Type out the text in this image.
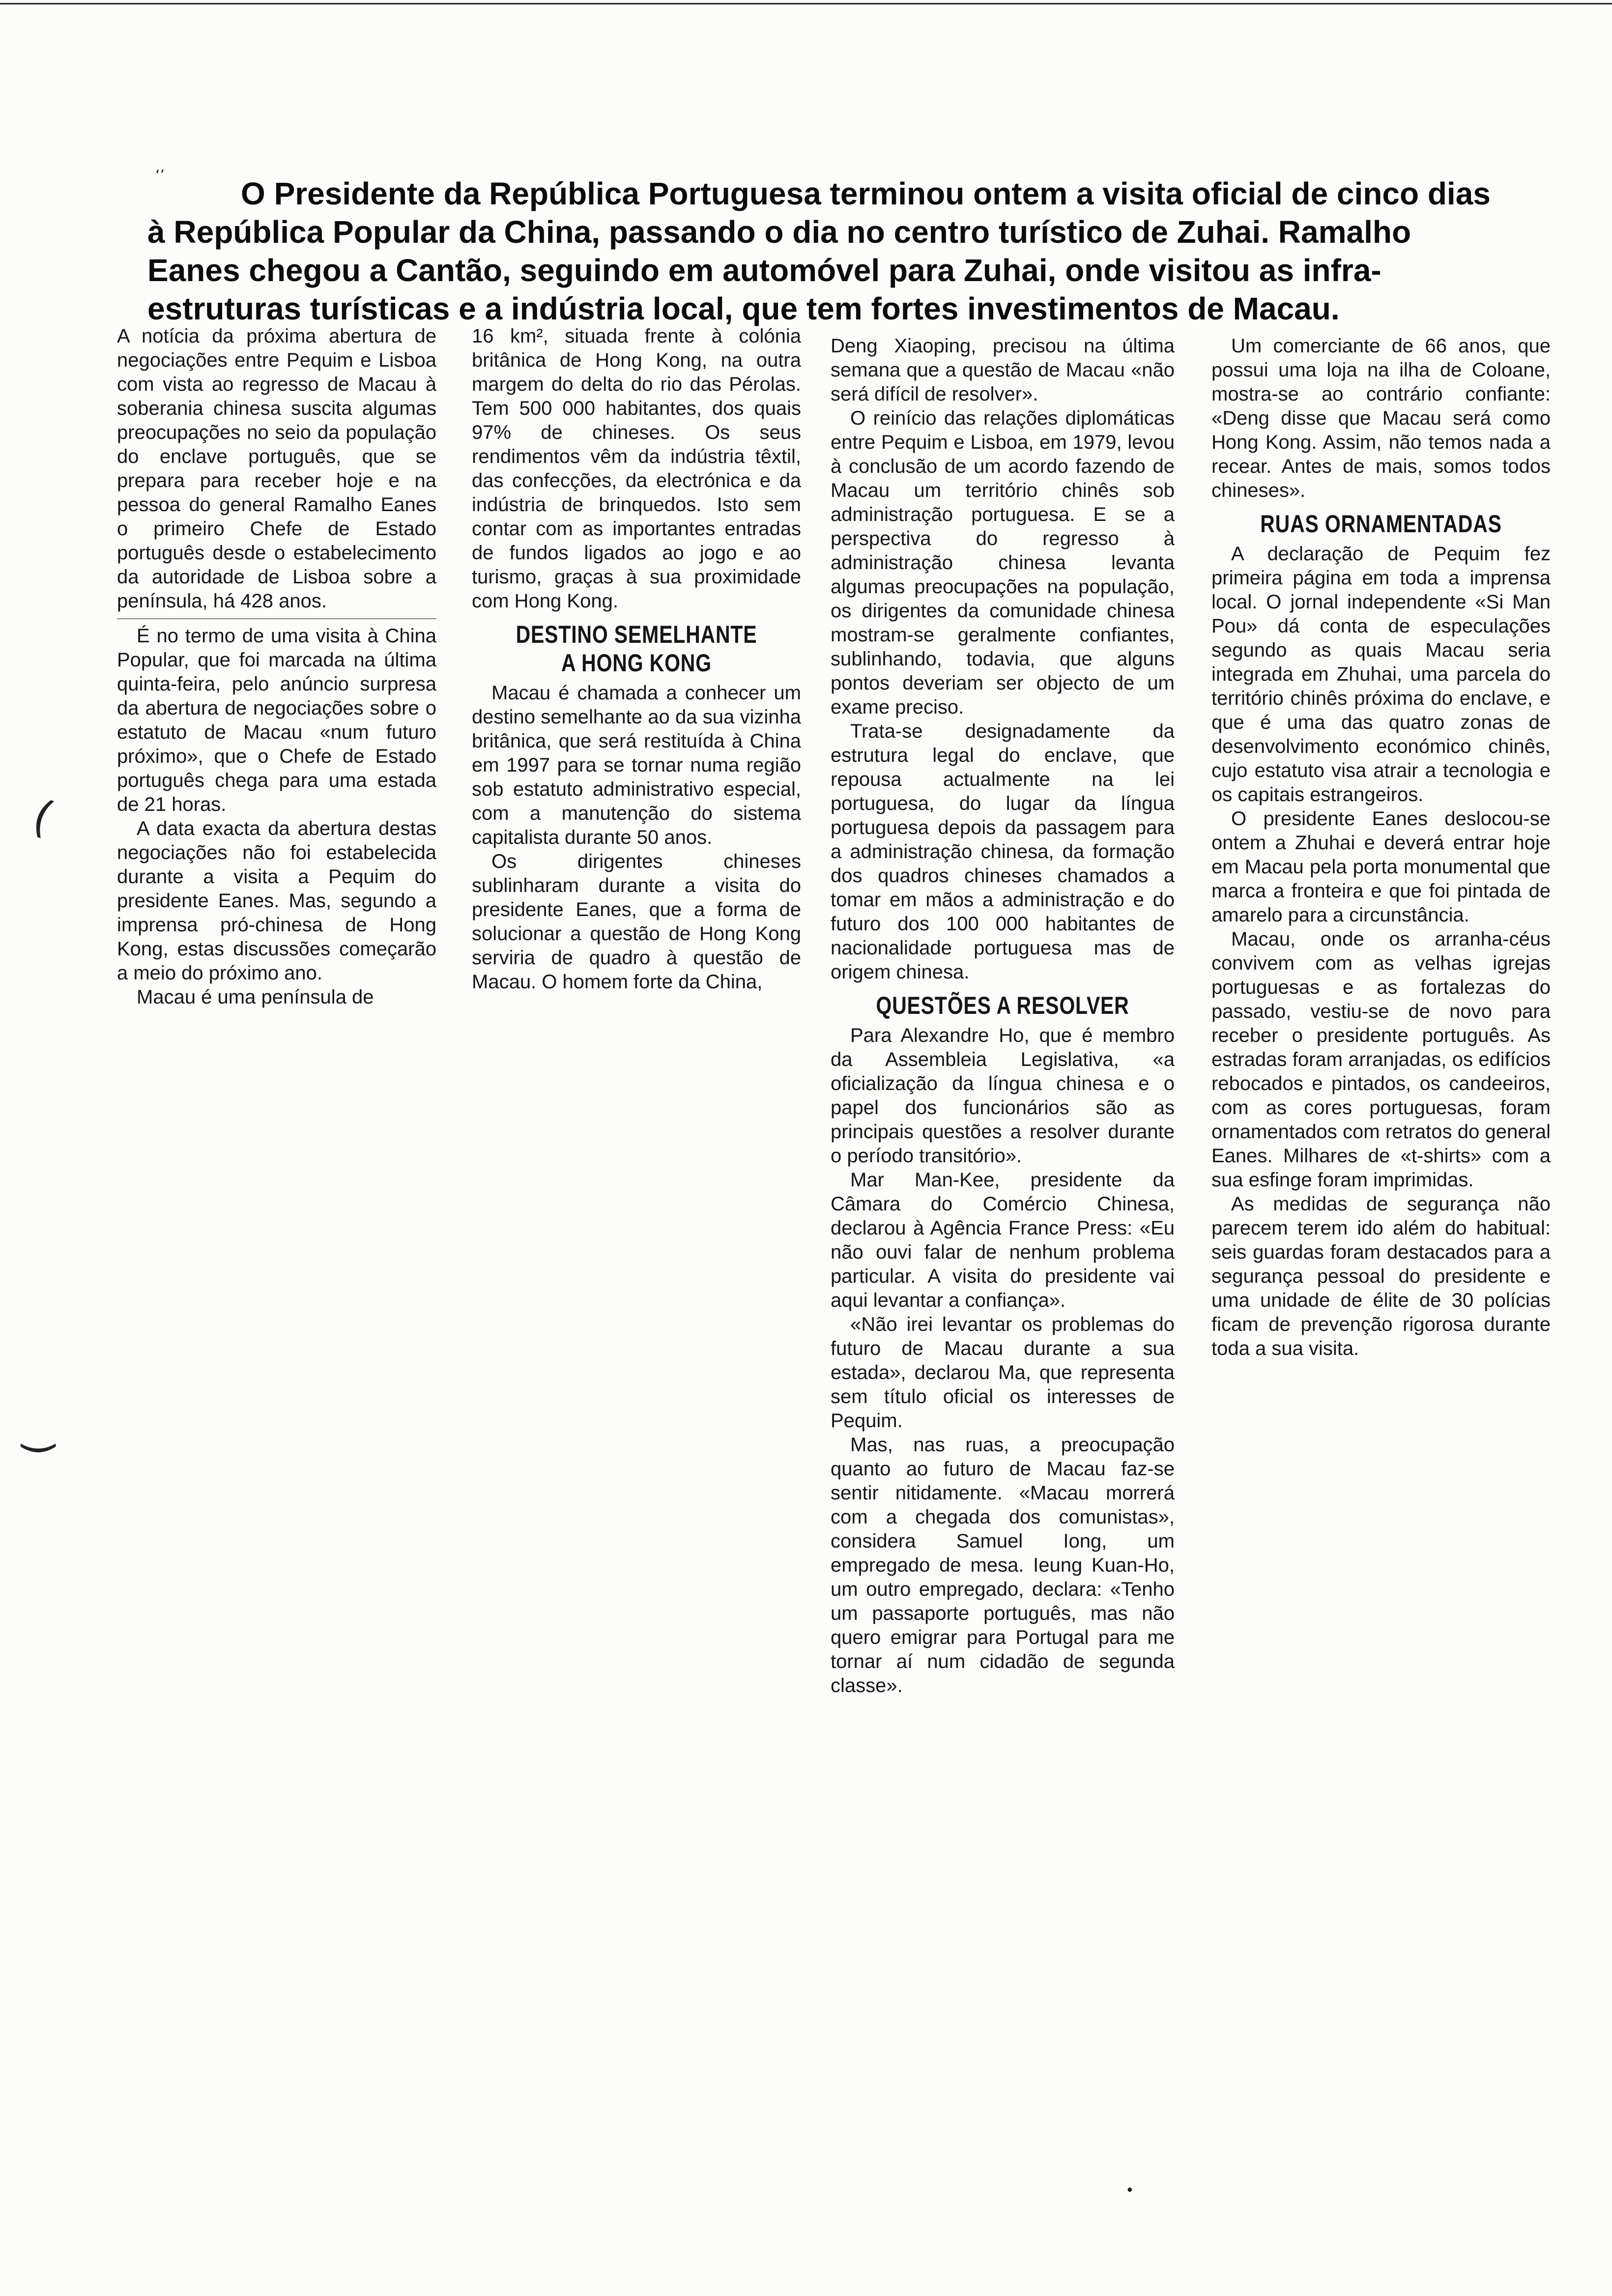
‘’
(
(
•
O Presidente da República Portuguesa terminou ontem a visita oficial de cinco dias à República Popular da China, passando o dia no centro turístico de Zuhai. Ramalho Eanes chegou a Cantão, seguindo em automóvel para Zuhai, onde visitou as infra-estruturas turísticas e a indústria local, que tem fortes investimentos de Macau.

A notícia da próxima abertura de negociações entre Pequim e Lisboa com vista ao regresso de Macau à soberania chinesa suscita algumas preocupações no seio da população do enclave português, que se prepara para receber hoje e na pessoa do general Ramalho Eanes o primeiro Chefe de Estado português desde o estabelecimento da autoridade de Lisboa sobre a península, há 428 anos.

É no termo de uma visita à China Popular, que foi marcada na última quinta-feira, pelo anúncio surpresa da abertura de negociações sobre o estatuto de Macau «num futuro próximo», que o Chefe de Estado português chega para uma estada de 21 horas.

A data exacta da abertura destas negociações não foi estabelecida durante a visita a Pequim do presidente Eanes. Mas, segundo a imprensa pró-chinesa de Hong Kong, estas discussões começarão a meio do próximo ano.

Macau é uma península de

16 km², situada frente à colónia britânica de Hong Kong, na outra margem do delta do rio das Pérolas. Tem 500 000 habitantes, dos quais 97% de chineses. Os seus rendimentos vêm da indústria têxtil, das confecções, da electrónica e da indústria de brinquedos. Isto sem contar com as importantes entradas de fundos ligados ao jogo e ao turismo, graças à sua proximidade com Hong Kong.

DESTINO SEMELHANTE
A HONG KONG

Macau é chamada a conhecer um destino semelhante ao da sua vizinha britânica, que será restituída à China em 1997 para se tornar numa região sob estatuto administrativo especial, com a manutenção do sistema capitalista durante 50 anos.

Os dirigentes chineses sublinharam durante a visita do presidente Eanes, que a forma de solucionar a questão de Hong Kong serviria de quadro à questão de Macau. O homem forte da China,

Deng Xiaoping, precisou na última semana que a questão de Macau «não será difícil de resolver».

O reinício das relações diplomáticas entre Pequim e Lisboa, em 1979, levou à conclusão de um acordo fazendo de Macau um território chinês sob administração portuguesa. E se a perspectiva do regresso à administração chinesa levanta algumas preocupações na população, os dirigentes da comunidade chinesa mostram-se geralmente confiantes, sublinhando, todavia, que alguns pontos deveriam ser objecto de um exame preciso.

Trata-se designadamente da estrutura legal do enclave, que repousa actualmente na lei portuguesa, do lugar da língua portuguesa depois da passagem para a administração chinesa, da formação dos quadros chineses chamados a tomar em mãos a administração e do futuro dos 100 000 habitantes de nacionalidade portuguesa mas de origem chinesa.

QUESTÕES A RESOLVER

Para Alexandre Ho, que é membro da Assembleia Legislativa, «a oficialização da língua chinesa e o papel dos funcionários são as principais questões a resolver durante o período transitório».

Mar Man-Kee, presidente da Câmara do Comércio Chinesa, declarou à Agência France Press: «Eu não ouvi falar de nenhum problema particular. A visita do presidente vai aqui levantar a confiança».

«Não irei levantar os problemas do futuro de Macau durante a sua estada», declarou Ma, que representa sem título oficial os interesses de Pequim.

Mas, nas ruas, a preocupação quanto ao futuro de Macau faz-se sentir nitidamente. «Macau morrerá com a chegada dos comunistas», considera Samuel Iong, um empregado de mesa. Ieung Kuan-Ho, um outro empregado, declara: «Tenho um passaporte português, mas não quero emigrar para Portugal para me tornar aí num cidadão de segunda classe».

Um comerciante de 66 anos, que possui uma loja na ilha de Coloane, mostra-se ao contrário confiante: «Deng disse que Macau será como Hong Kong. Assim, não temos nada a recear. Antes de mais, somos todos chineses».

RUAS ORNAMENTADAS

A declaração de Pequim fez primeira página em toda a imprensa local. O jornal independente «Si Man Pou» dá conta de especulações segundo as quais Macau seria integrada em Zhuhai, uma parcela do território chinês próxima do enclave, e que é uma das quatro zonas de desenvolvimento económico chinês, cujo estatuto visa atrair a tecnologia e os capitais estrangeiros.

O presidente Eanes deslocou-se ontem a Zhuhai e deverá entrar hoje em Macau pela porta monumental que marca a fronteira e que foi pintada de amarelo para a circunstância.

Macau, onde os arranha-céus convivem com as velhas igrejas portuguesas e as fortalezas do passado, vestiu-se de novo para receber o presidente português. As estradas foram arranjadas, os edifícios rebocados e pintados, os candeeiros, com as cores portuguesas, foram ornamentados com retratos do general Eanes. Milhares de «t-shirts» com a sua esfinge foram imprimidas.

As medidas de segurança não parecem terem ido além do habitual: seis guardas foram destacados para a segurança pessoal do presidente e uma unidade de élite de 30 polícias ficam de prevenção rigorosa durante toda a sua visita.
